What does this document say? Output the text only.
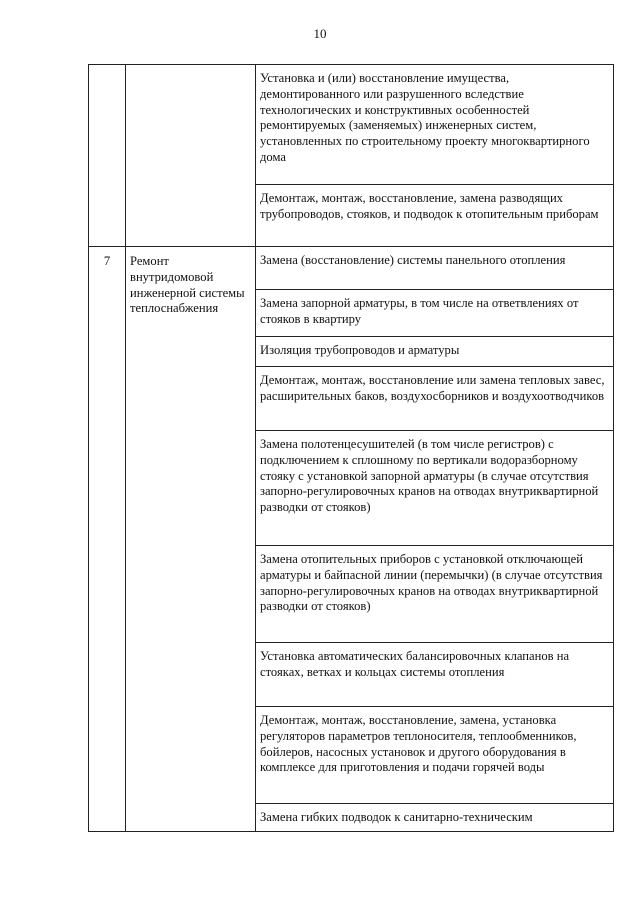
10
		Установка и (или) восстановление имущества, демонтированного или разрушенного вследствие технологических и конструктивных особенностей ремонтируемых (заменяемых) инженерных систем, установленных по строительному проекту многоквартирного дома
		Демонтаж, монтаж, восстановление, замена разводящих трубопроводов, стояков, и подводок к отопительным приборам
7	Ремонт внутридомовой инженерной системы теплоснабжения	Замена (восстановление) системы панельного отопления
		Замена запорной арматуры, в том числе на ответвлениях от стояков в квартиру
		Изоляция трубопроводов и арматуры
		Демонтаж, монтаж, восстановление или замена тепловых завес, расширительных баков, воздухосборников и воздухоотводчиков
		Замена полотенцесушителей (в том числе регистров) с подключением к сплошному по вертикали водоразборному стояку с установкой запорной арматуры (в случае отсутствия запорно-регулировочных кранов на отводах внутриквартирной разводки от стояков)
		Замена отопительных приборов с установкой отключающей арматуры и байпасной линии (перемычки) (в случае отсутствия запорно-регулировочных кранов на отводах внутриквартирной разводки от стояков)
		Установка автоматических балансировочных клапанов на стояках, ветках и кольцах системы отопления
		Демонтаж, монтаж, восстановление, замена, установка регуляторов параметров теплоносителя, теплообменников, бойлеров, насосных установок и другого оборудования в комплексе для приготовления и подачи горячей воды
		Замена гибких подводок к санитарно-техническим
